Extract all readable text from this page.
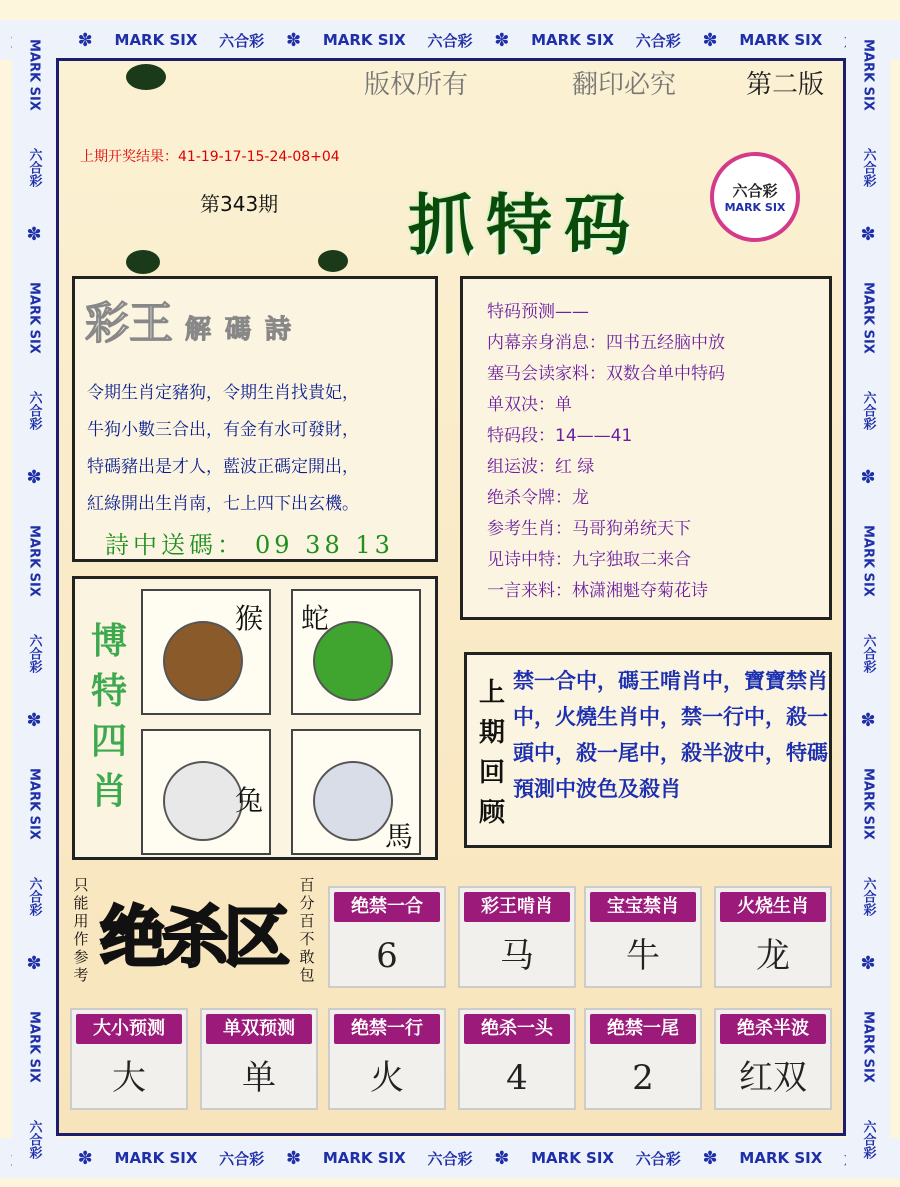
✽ MARK SIX 六合彩 ✽ MARK SIX 六合彩 ✽ MARK SIX 六合彩 ✽ MARK SIX
✽ MARK SIX 六合彩 ✽ MARK SIX 六合彩 ✽ MARK SIX 六合彩 ✽ MARK SIX
MARK SIX
六合彩
✽
MARK SIX
六合彩
✽
MARK SIX
六合彩
✽
MARK SIX
六合彩
✽
MARK SIX
六合彩
MARK SIX
六合彩
✽
MARK SIX
六合彩
✽
MARK SIX
六合彩
✽
MARK SIX
六合彩
✽
MARK SIX
六合彩
版权所有	翻印必究	第二版
上期开奖结果：41-19-17-15-24-08+04
第343期 抓特码	六合彩
MARK SIX
彩王 解碼詩
令期生肖定豬狗，令期生肖找貴妃，
牛狗小數三合出，有金有水可發財，
特碼豬出是才人，藍波正碼定開出，
紅綠開出生肖南，七上四下出玄機。
詩中送碼： 09 38 13
特码预测——
内幕亲身消息：四书五经脑中放
塞马会读家料：双数合单中特码
单双决：单
特码段：14——41
组运波：红 绿
绝杀令牌：龙
参考生肖：马哥狗弟统天下
见诗中特：九字独取二来合
一言来料：林潇湘魁夺菊花诗
博特四肖
猴 蛇
兔
馬
上期回顾
禁一合中，碼王啃肖中，寶寶禁肖中，火燒生肖中，禁一行中，殺一頭中，殺一尾中，殺半波中，特碼預測中波色及殺肖
只能用作参考 绝杀区
百分百不敢包
绝禁一合
6
彩王啃肖
马
宝宝禁肖
牛
火烧生肖
龙
大小预测
大
单双预测
单
绝禁一行
火
绝杀一头
4
绝禁一尾
2
绝杀半波
红双
